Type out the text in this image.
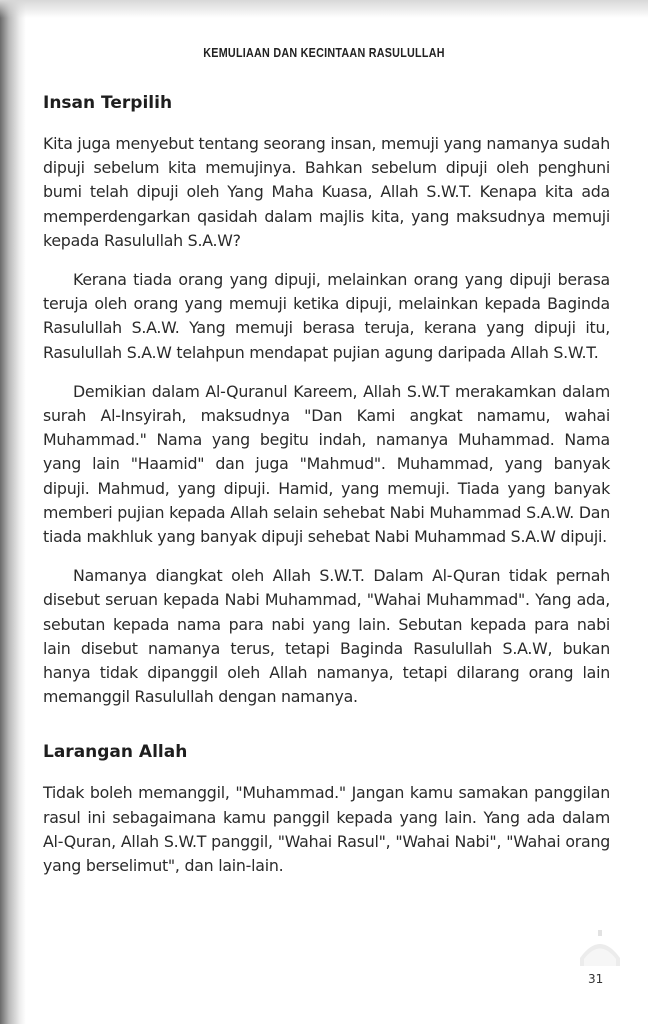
KEMULIAAN DAN KECINTAAN RASULULLAH
Insan Terpilih

Kita juga menyebut tentang seorang insan, memuji yang namanya sudah dipuji sebelum kita memujinya. Bahkan sebelum dipuji oleh penghuni bumi telah dipuji oleh Yang Maha Kuasa, Allah S.W.T. Kenapa kita ada memperdengarkan qasidah dalam majlis kita, yang maksudnya memuji kepada Rasulullah S.A.W?

Kerana tiada orang yang dipuji, melainkan orang yang dipuji berasa teruja oleh orang yang memuji ketika dipuji, melainkan kepada Baginda Rasulullah S.A.W. Yang memuji berasa teruja, kerana yang dipuji itu, Rasulullah S.A.W telahpun mendapat pujian agung daripada Allah S.W.T.

Demikian dalam Al-Quranul Kareem, Allah S.W.T merakamkan dalam surah Al-Insyirah, maksudnya "Dan Kami angkat namamu, wahai Muhammad." Nama yang begitu indah, namanya Muhammad. Nama yang lain "Haamid" dan juga "Mahmud". Muhammad, yang banyak dipuji. Mahmud, yang dipuji. Hamid, yang memuji. Tiada yang banyak memberi pujian kepada Allah selain sehebat Nabi Muhammad S.A.W. Dan tiada makhluk yang banyak dipuji sehebat Nabi Muhammad S.A.W dipuji.

Namanya diangkat oleh Allah S.W.T. Dalam Al-Quran tidak pernah disebut seruan kepada Nabi Muhammad, "Wahai Muhammad". Yang ada, sebutan kepada nama para nabi yang lain. Sebutan kepada para nabi lain disebut namanya terus, tetapi Baginda Rasulullah S.A.W, bukan hanya tidak dipanggil oleh Allah namanya, tetapi dilarang orang lain memanggil Rasulullah dengan namanya.

Larangan Allah

Tidak boleh memanggil, "Muhammad." Jangan kamu samakan panggilan rasul ini sebagaimana kamu panggil kepada yang lain. Yang ada dalam Al-Quran, Allah S.W.T panggil, "Wahai Rasul", "Wahai Nabi", "Wahai orang yang berselimut", dan lain-lain.

31
